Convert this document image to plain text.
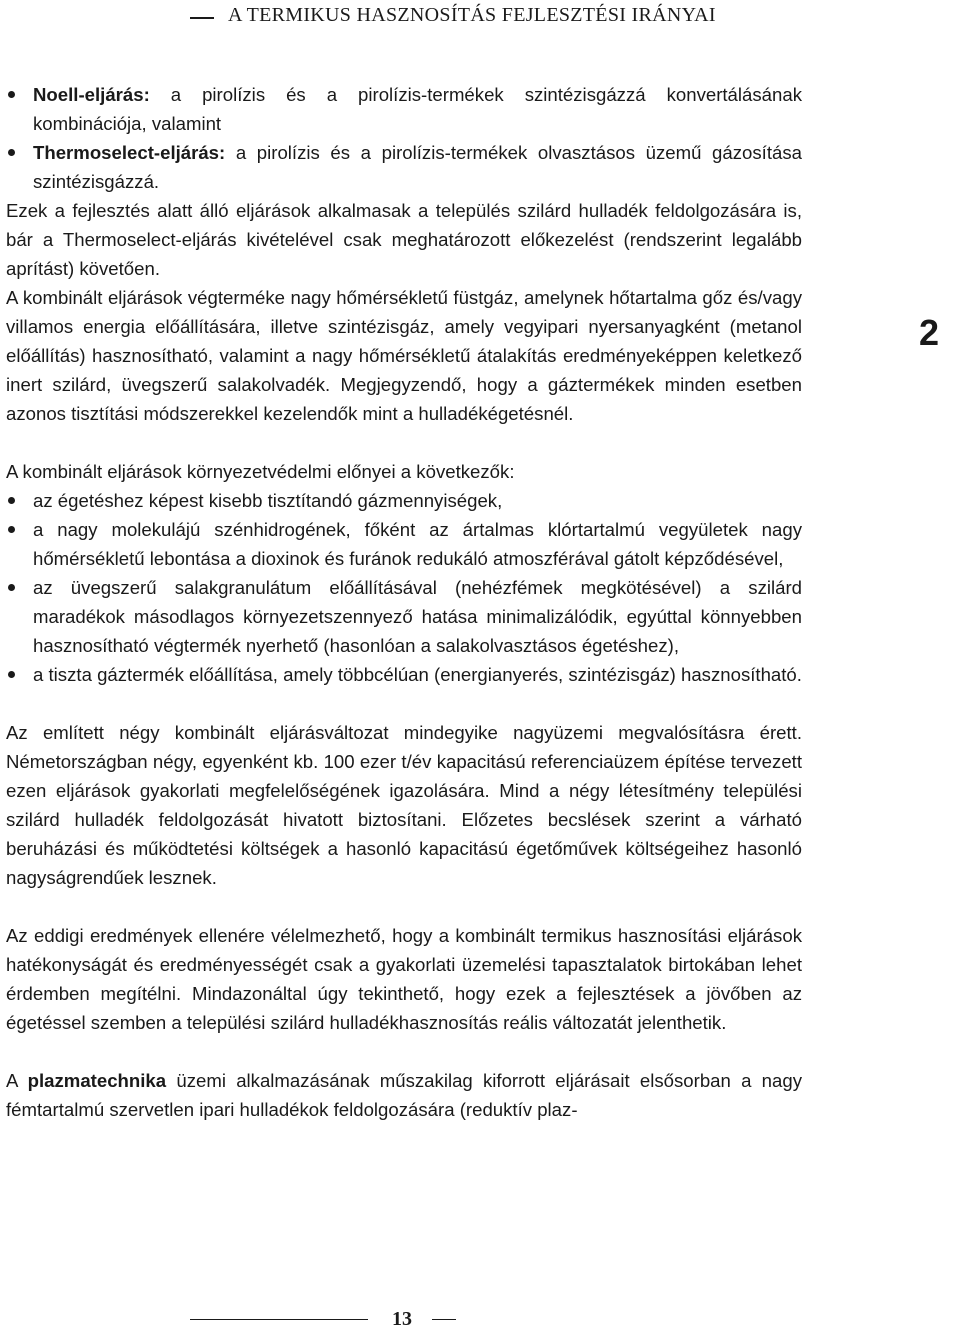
A TERMIKUS HASZNOSÍTÁS FEJLESZTÉSI IRÁNYAI
Noell-eljárás: a pirolízis és a pirolízis-termékek szintézisgázzá konvertálásának kombinációja, valamint
Thermoselect-eljárás: a pirolízis és a pirolízis-termékek olvasztásos üzemű gázosítása szintézisgázzá.

Ezek a fejlesztés alatt álló eljárások alkalmasak a település szilárd hulladék feldolgozására is, bár a Thermoselect-eljárás kivételével csak meghatározott előkezelést (rendszerint legalább aprítást) követően.

A kombinált eljárások végterméke nagy hőmérsékletű füstgáz, amelynek hőtartalma gőz és/vagy villamos energia előállítására, illetve szintézisgáz, amely vegyipari nyersanyagként (metanol előállítás) hasznosítható, valamint a nagy hőmérsékletű átalakítás eredményeképpen keletkező inert szilárd, üvegszerű salakolvadék. Megjegyzendő, hogy a gáztermékek minden esetben azonos tisztítási módszerekkel kezelendők mint a hulladékégetésnél.

A kombinált eljárások környezetvédelmi előnyei a következők:

az égetéshez képest kisebb tisztítandó gázmennyiségek,
a nagy molekulájú szénhidrogének, főként az ártalmas klórtartalmú vegyületek nagy hőmérsékletű lebontása a dioxinok és furánok redukáló atmoszférával gátolt képződésével,
az üvegszerű salakgranulátum előállításával (nehézfémek megkötésével) a szilárd maradékok másodlagos környezetszennyező hatása minimalizálódik, egyúttal könnyebben hasznosítható végtermék nyerhető (hasonlóan a salakolvasztásos égetéshez),
a tiszta gáztermék előállítása, amely többcélúan (energianyerés, szintézisgáz) hasznosítható.

Az említett négy kombinált eljárásváltozat mindegyike nagyüzemi megvalósításra érett. Németországban négy, egyenként kb. 100 ezer t/év kapacitású referenciaüzem építése tervezett ezen eljárások gyakorlati megfelelőségének igazolására. Mind a négy létesítmény települési szilárd hulladék feldolgozását hivatott biztosítani. Előzetes becslések szerint a várható beruházási és működtetési költségek a hasonló kapacitású égetőművek költségeihez hasonló nagyságrendűek lesznek.

Az eddigi eredmények ellenére vélelmezhető, hogy a kombinált termikus hasznosítási eljárások hatékonyságát és eredményességét csak a gyakorlati üzemelési tapasztalatok birtokában lehet érdemben megítélni. Mindazonáltal úgy tekinthető, hogy ezek a fejlesztések a jövőben az égetéssel szemben a települési szilárd hulladékhasznosítás reális változatát jelenthetik.

A plazmatechnika üzemi alkalmazásának műszakilag kiforrott eljárásait elsősorban a nagy fémtartalmú szervetlen ipari hulladékok feldolgozására (reduktív plaz-

2
13
